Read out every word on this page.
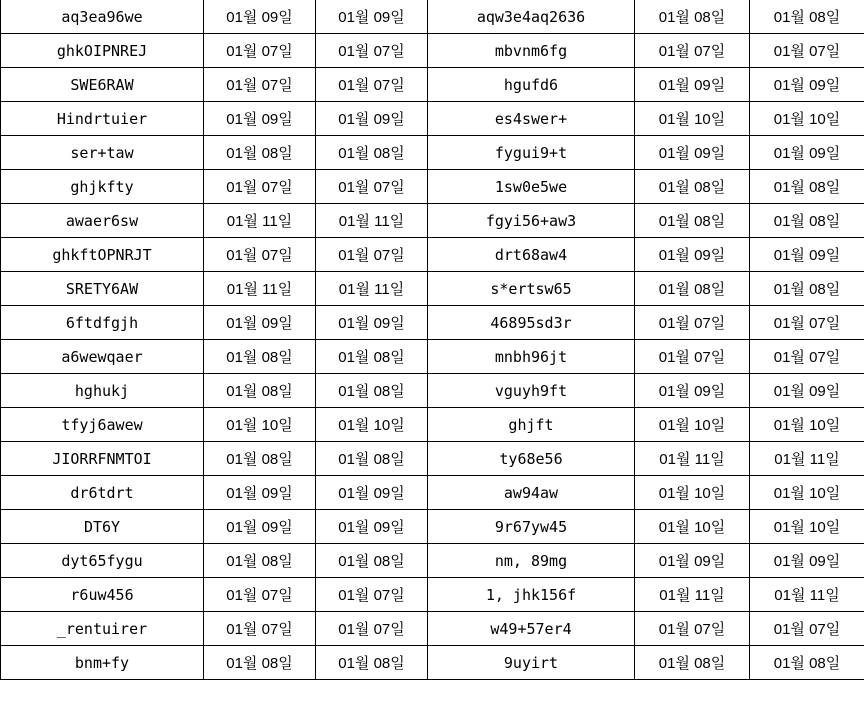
aq3ea96we	01월 09일	01월 09일	aqw3e4aq2636	01월 08일	01월 08일
ghkOIPNREJ	01월 07일	01월 07일	mbvnm6fg	01월 07일	01월 07일
SWE6RAW	01월 07일	01월 07일	hgufd6	01월 09일	01월 09일
Hindrtuier	01월 09일	01월 09일	es4swer+	01월 10일	01월 10일
ser+taw	01월 08일	01월 08일	fygui9+t	01월 09일	01월 09일
ghjkfty	01월 07일	01월 07일	1sw0e5we	01월 08일	01월 08일
awaer6sw	01월 11일	01월 11일	fgyi56+aw3	01월 08일	01월 08일
ghkftOPNRJT	01월 07일	01월 07일	drt68aw4	01월 09일	01월 09일
SRETY6AW	01월 11일	01월 11일	s*ertsw65	01월 08일	01월 08일
6ftdfgjh	01월 09일	01월 09일	46895sd3r	01월 07일	01월 07일
a6wewqaer	01월 08일	01월 08일	mnbh96jt	01월 07일	01월 07일
hghukj	01월 08일	01월 08일	vguyh9ft	01월 09일	01월 09일
tfyj6awew	01월 10일	01월 10일	ghjft	01월 10일	01월 10일
JIORRFNMTOI	01월 08일	01월 08일	ty68e56	01월 11일	01월 11일
dr6tdrt	01월 09일	01월 09일	aw94aw	01월 10일	01월 10일
DT6Y	01월 09일	01월 09일	9r67yw45	01월 10일	01월 10일
dyt65fygu	01월 08일	01월 08일	nm, 89mg	01월 09일	01월 09일
r6uw456	01월 07일	01월 07일	1, jhk156f	01월 11일	01월 11일
_rentuirer	01월 07일	01월 07일	w49+57er4	01월 07일	01월 07일
bnm+fy	01월 08일	01월 08일	9uyirt	01월 08일	01월 08일
